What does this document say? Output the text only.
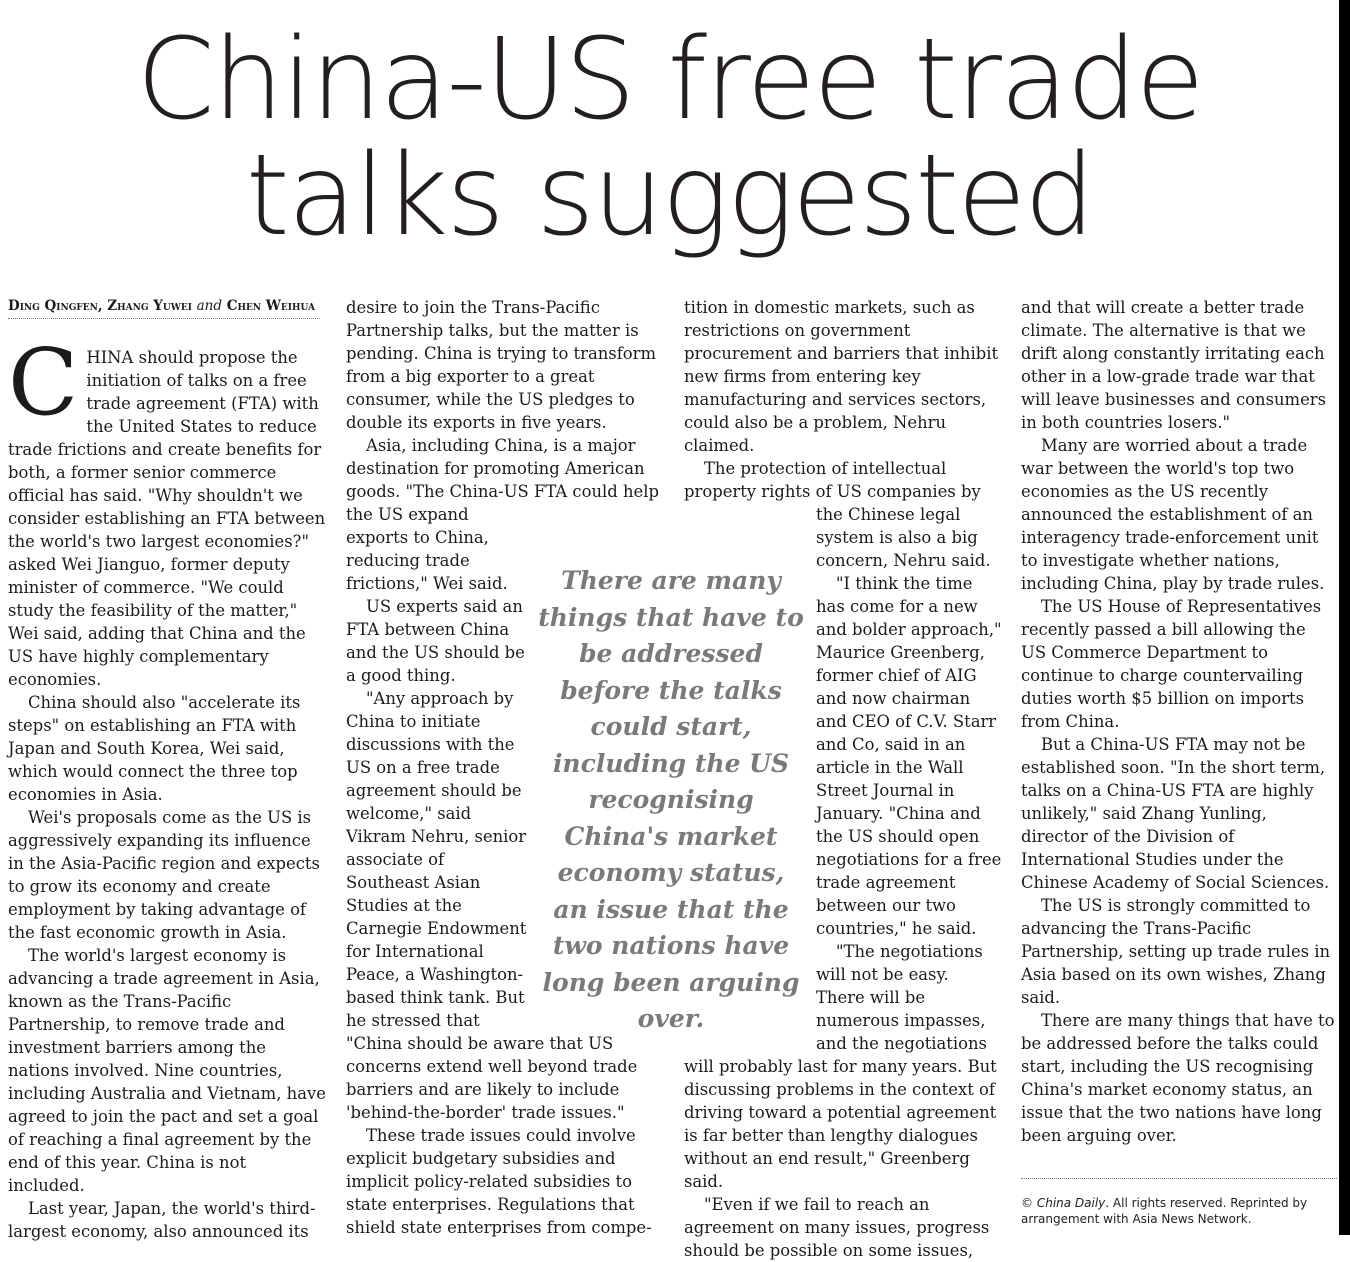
China-US free trade
talks suggested
Ding Qingfen, Zhang Yuwei and Chen Weihua
C HINA should propose the initiation of talks on a free trade agreement (FTA) with the United States to reduce trade frictions and create benefits for both, a former senior commerce official has said. "Why shouldn't we consider establishing an FTA between the world's two largest economies?" asked Wei Jianguo, former deputy minister of commerce. "We could study the feasibility of the matter," Wei said, adding that China and the US have highly complementary economies.

China should also "accelerate its steps" on establishing an FTA with Japan and South Korea, Wei said, which would connect the three top economies in Asia.

Wei's proposals come as the US is aggressively expanding its influence in the Asia-Pacific region and expects to grow its economy and create employment by taking advantage of the fast economic growth in Asia.

The world's largest economy is advancing a trade agreement in Asia, known as the Trans-Pacific Partnership, to remove trade and investment barriers among the nations involved. Nine countries, including Australia and Vietnam, have agreed to join the pact and set a goal of reaching a final agreement by the end of this year. China is not included.

Last year, Japan, the world's third-largest economy, also announced its

desire to join the Trans-Pacific Partnership talks, but the matter is pending. China is trying to transform from a big exporter to a great consumer, while the US pledges to double its exports in five years.

Asia, including China, is a major destination for promoting American goods. "The China-US FTA could help the US expand exports to China, reducing trade frictions," Wei said.

US experts said an FTA between China and the US should be a good thing.

"Any approach by China to initiate discussions with the US on a free trade agreement should be welcome," said Vikram Nehru, senior associate of Southeast Asian Studies at the Carnegie Endowment for International Peace, a Washington-based think tank. But he stressed that "China should be aware that US concerns extend well beyond trade barriers and are likely to include 'behind-the-border' trade issues."

These trade issues could involve explicit budgetary subsidies and implicit policy-related subsidies to state enterprises. Regulations that shield state enterprises from compe-

tition in domestic markets, such as restrictions on government procurement and barriers that inhibit new firms from entering key manufacturing and services sectors, could also be a problem, Nehru claimed.

The protection of intellectual property rights of US companies by the Chinese legal system is also a big concern, Nehru said.

"I think the time has come for a new and bolder approach," Maurice Greenberg, former chief of AIG and now chairman and CEO of C.V. Starr and Co, said in an article in the Wall Street Journal in January. "China and the US should open negotiations for a free trade agreement between our two countries," he said.

"The negotiations will not be easy. There will be numerous impasses, and the negotiations will probably last for many years. But discussing problems in the context of driving toward a potential agreement is far better than lengthy dialogues without an end result," Greenberg said.

"Even if we fail to reach an agreement on many issues, progress should be possible on some issues,

and that will create a better trade climate. The alternative is that we drift along constantly irritating each other in a low-grade trade war that will leave businesses and consumers in both countries losers."

Many are worried about a trade war between the world's top two economies as the US recently announced the establishment of an interagency trade-enforcement unit to investigate whether nations, including China, play by trade rules.

The US House of Representatives recently passed a bill allowing the US Commerce Department to continue to charge countervailing duties worth $5 billion on imports from China.

But a China-US FTA may not be established soon. "In the short term, talks on a China-US FTA are highly unlikely," said Zhang Yunling, director of the Division of International Studies under the Chinese Academy of Social Sciences.

The US is strongly committed to advancing the Trans-Pacific Partnership, setting up trade rules in Asia based on its own wishes, Zhang said.

There are many things that have to be addressed before the talks could start, including the US recognising China's market economy status, an issue that the two nations have long been arguing over.

There are many things that have to be addressed before the talks could start, including the US recognising China's market economy status, an issue that the two nations have long been arguing over.

© China Daily. All rights reserved. Reprinted by arrangement with Asia News Network.
